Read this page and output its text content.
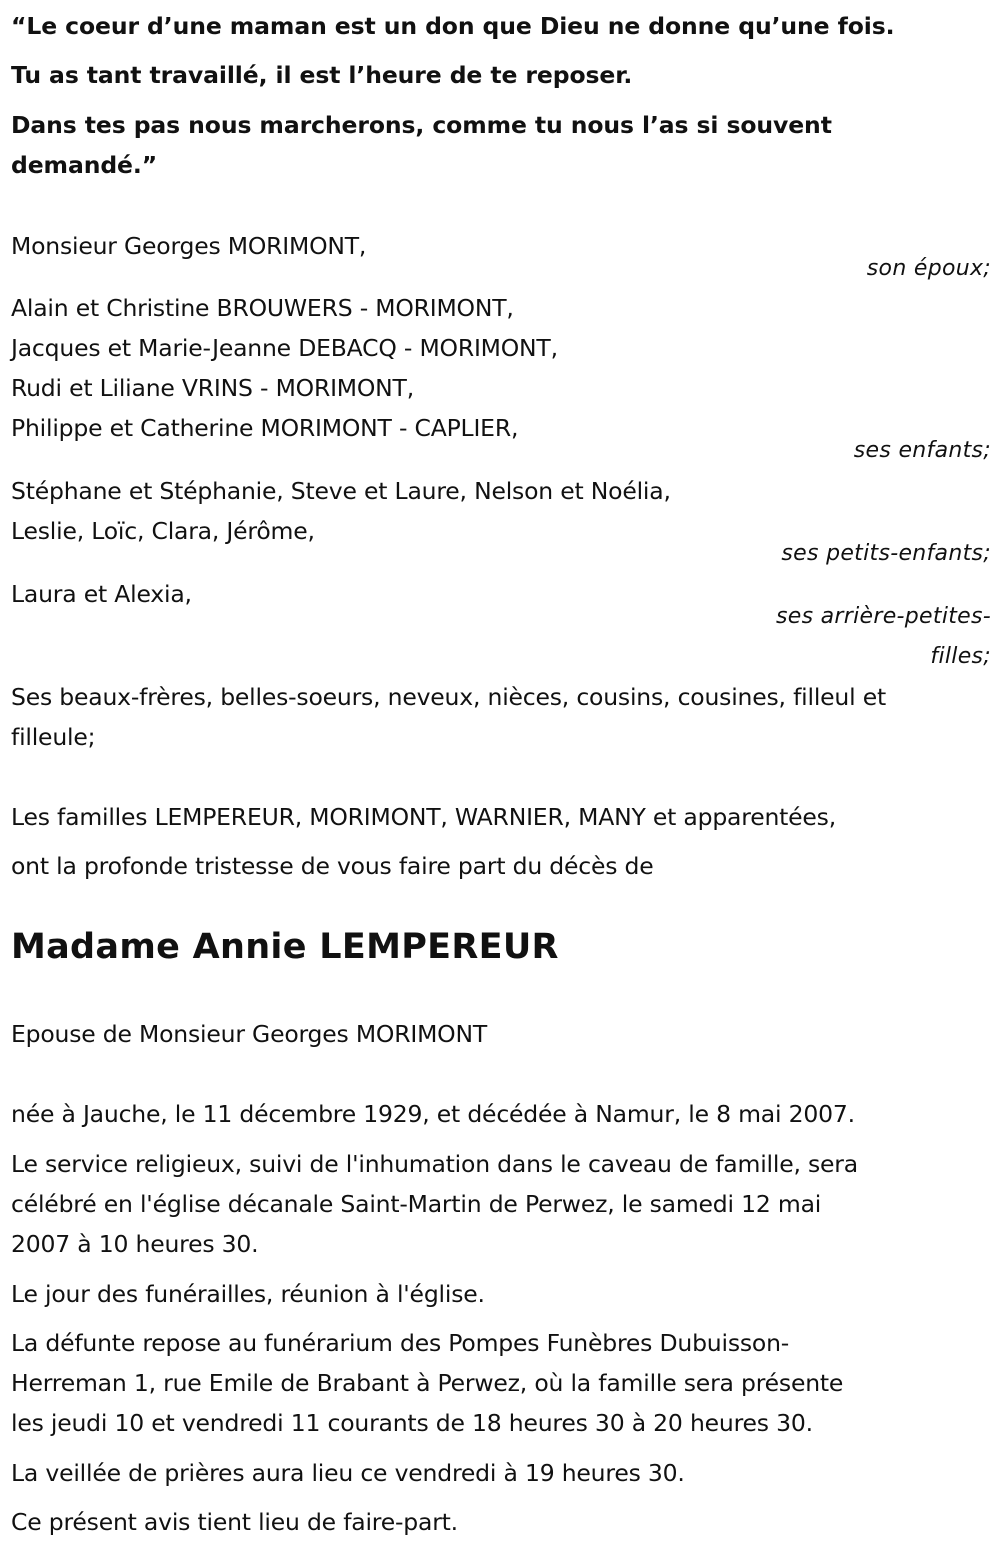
“Le coeur d’une maman est un don que Dieu ne donne qu’une fois.
Tu as tant travaillé, il est l’heure de te reposer.
Dans tes pas nous marcherons, comme tu nous l’as si souvent
demandé.”
Monsieur Georges MORIMONT,
son époux;
Alain et Christine BROUWERS - MORIMONT,
Jacques et Marie-Jeanne DEBACQ - MORIMONT,
Rudi et Liliane VRINS - MORIMONT,
Philippe et Catherine MORIMONT - CAPLIER,
ses enfants;
Stéphane et Stéphanie, Steve et Laure, Nelson et Noélia,
Leslie, Loïc, Clara, Jérôme,
ses petits-enfants;
Laura et Alexia,
ses arrière-petites-
filles;
Ses beaux-frères, belles-soeurs, neveux, nièces, cousins, cousines, filleul et
filleule;
Les familles LEMPEREUR, MORIMONT, WARNIER, MANY et apparentées,
ont la profonde tristesse de vous faire part du décès de
Madame Annie LEMPEREUR
Epouse de Monsieur Georges MORIMONT
née à Jauche, le 11 décembre 1929, et décédée à Namur, le 8 mai 2007.
Le service religieux, suivi de l'inhumation dans le caveau de famille, sera
célébré en l'église décanale Saint-Martin de Perwez, le samedi 12 mai
2007 à 10 heures 30.
Le jour des funérailles, réunion à l'église.
La défunte repose au funérarium des Pompes Funèbres Dubuisson-
Herreman 1, rue Emile de Brabant à Perwez, où la famille sera présente
les jeudi 10 et vendredi 11 courants de 18 heures 30 à 20 heures 30.
La veillée de prières aura lieu ce vendredi à 19 heures 30.
Ce présent avis tient lieu de faire-part.
